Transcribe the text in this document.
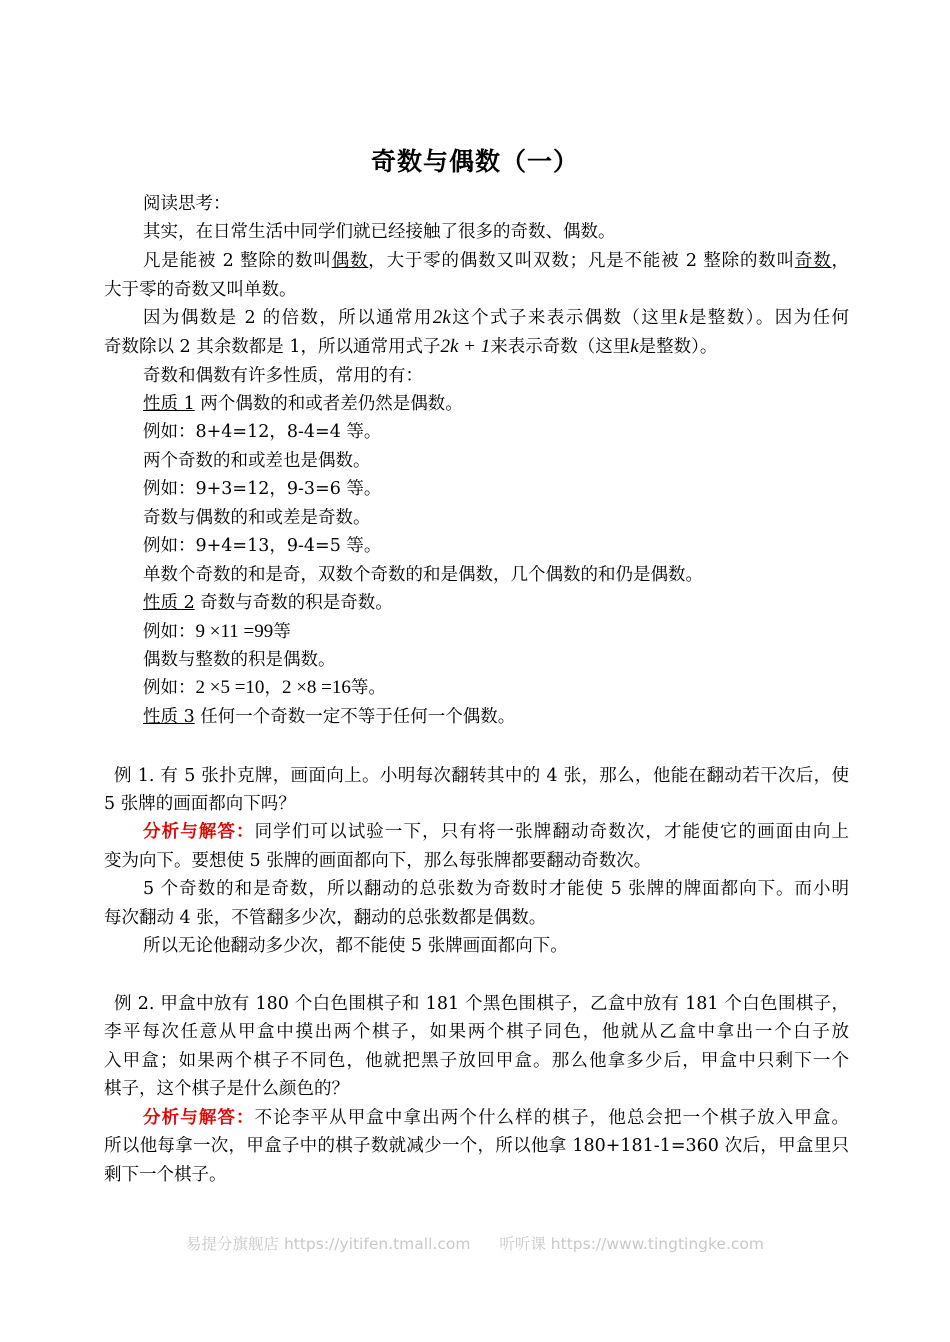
奇数与偶数（一）
阅读思考：
其实，在日常生活中同学们就已经接触了很多的奇数、偶数。
凡是能被 2 整除的数叫偶数，大于零的偶数又叫双数；凡是不能被 2 整除的数叫奇数，
大于零的奇数又叫单数。
因为偶数是 2 的倍数，所以通常用2k这个式子来表示偶数（这里k是整数）。因为任何
奇数除以 2 其余数都是 1，所以通常用式子2k + 1来表示奇数（这里k是整数）。
奇数和偶数有许多性质，常用的有：
性质 1 两个偶数的和或者差仍然是偶数。
例如：8+4=12，8-4=4 等。
两个奇数的和或差也是偶数。
例如：9+3=12，9-3=6 等。
奇数与偶数的和或差是奇数。
例如：9+4=13，9-4=5 等。
单数个奇数的和是奇，双数个奇数的和是偶数，几个偶数的和仍是偶数。
性质 2 奇数与奇数的积是奇数。
例如：9 ×11 =99等
偶数与整数的积是偶数。
例如：2 ×5 =10，2 ×8 =16等。
性质 3 任何一个奇数一定不等于任何一个偶数。
例 1. 有 5 张扑克牌，画面向上。小明每次翻转其中的 4 张，那么，他能在翻动若干次后，使
5 张牌的画面都向下吗？
分析与解答：同学们可以试验一下，只有将一张牌翻动奇数次，才能使它的画面由向上
变为向下。要想使 5 张牌的画面都向下，那么每张牌都要翻动奇数次。
5 个奇数的和是奇数，所以翻动的总张数为奇数时才能使 5 张牌的牌面都向下。而小明
每次翻动 4 张，不管翻多少次，翻动的总张数都是偶数。
所以无论他翻动多少次，都不能使 5 张牌画面都向下。
例 2. 甲盒中放有 180 个白色围棋子和 181 个黑色围棋子，乙盒中放有 181 个白色围棋子，
李平每次任意从甲盒中摸出两个棋子，如果两个棋子同色，他就从乙盒中拿出一个白子放
入甲盒；如果两个棋子不同色，他就把黑子放回甲盒。那么他拿多少后，甲盒中只剩下一个
棋子，这个棋子是什么颜色的？
分析与解答：不论李平从甲盒中拿出两个什么样的棋子，他总会把一个棋子放入甲盒。
所以他每拿一次，甲盒子中的棋子数就减少一个，所以他拿 180+181-1=360 次后，甲盒里只
剩下一个棋子。
易提分旗舰店 https://yitifen.tmall.com 听听课 https://www.tingtingke.com
